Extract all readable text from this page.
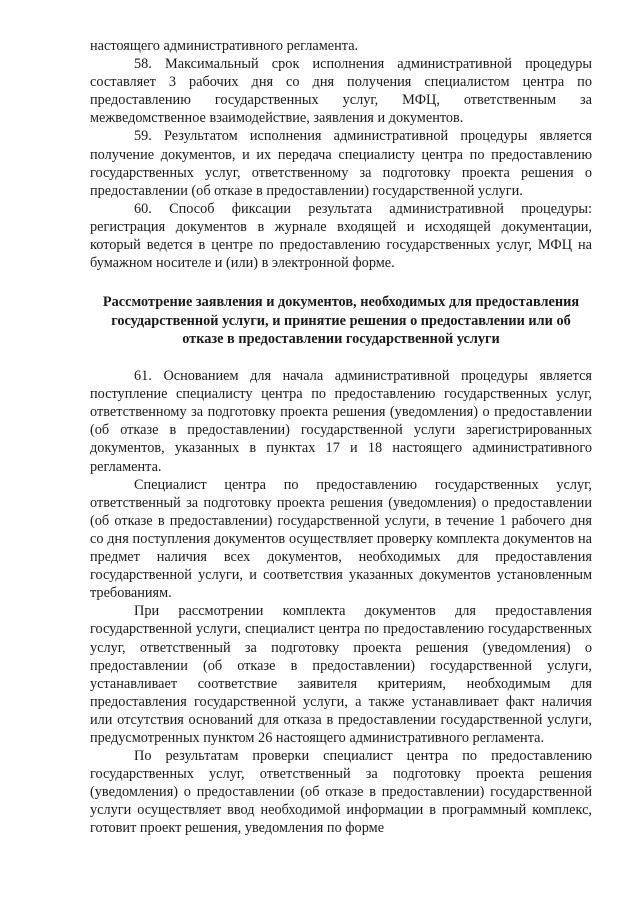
настоящего административного регламента.

58. Максимальный срок исполнения административной процедуры составляет 3 рабочих дня со дня получения специалистом центра по предоставлению государственных услуг, МФЦ, ответственным за межведомственное взаимодействие, заявления и документов.

59. Результатом исполнения административной процедуры является получение документов, и их передача специалисту центра по предоставлению государственных услуг, ответственному за подготовку проекта решения о предоставлении (об отказе в предоставлении) государственной услуги.

60. Способ фиксации результата административной процедуры: регистрация документов в журнале входящей и исходящей документации, который ведется в центре по предоставлению государственных услуг, МФЦ на бумажном носителе и (или) в электронной форме.

Рассмотрение заявления и документов, необходимых для предоставления государственной услуги, и принятие решения о предоставлении или об отказе в предоставлении государственной услуги

61. Основанием для начала административной процедуры является поступление специалисту центра по предоставлению государственных услуг, ответственному за подготовку проекта решения (уведомления) о предоставлении (об отказе в предоставлении) государственной услуги зарегистрированных документов, указанных в пунктах 17 и 18 настоящего административного регламента.

Специалист центра по предоставлению государственных услуг, ответственный за подготовку проекта решения (уведомления) о предоставлении (об отказе в предоставлении) государственной услуги, в течение 1 рабочего дня со дня поступления документов осуществляет проверку комплекта документов на предмет наличия всех документов, необходимых для предоставления государственной услуги, и соответствия указанных документов установленным требованиям.

При рассмотрении комплекта документов для предоставления государственной услуги, специалист центра по предоставлению государственных услуг, ответственный за подготовку проекта решения (уведомления) о предоставлении (об отказе в предоставлении) государственной услуги, устанавливает соответствие заявителя критериям, необходимым для предоставления государственной услуги, а также устанавливает факт наличия или отсутствия оснований для отказа в предоставлении государственной услуги, предусмотренных пунктом 26 настоящего административного регламента.

По результатам проверки специалист центра по предоставлению государственных услуг, ответственный за подготовку проекта решения (уведомления) о предоставлении (об отказе в предоставлении) государственной услуги осуществляет ввод необходимой информации в программный комплекс, готовит проект решения, уведомления по форме
